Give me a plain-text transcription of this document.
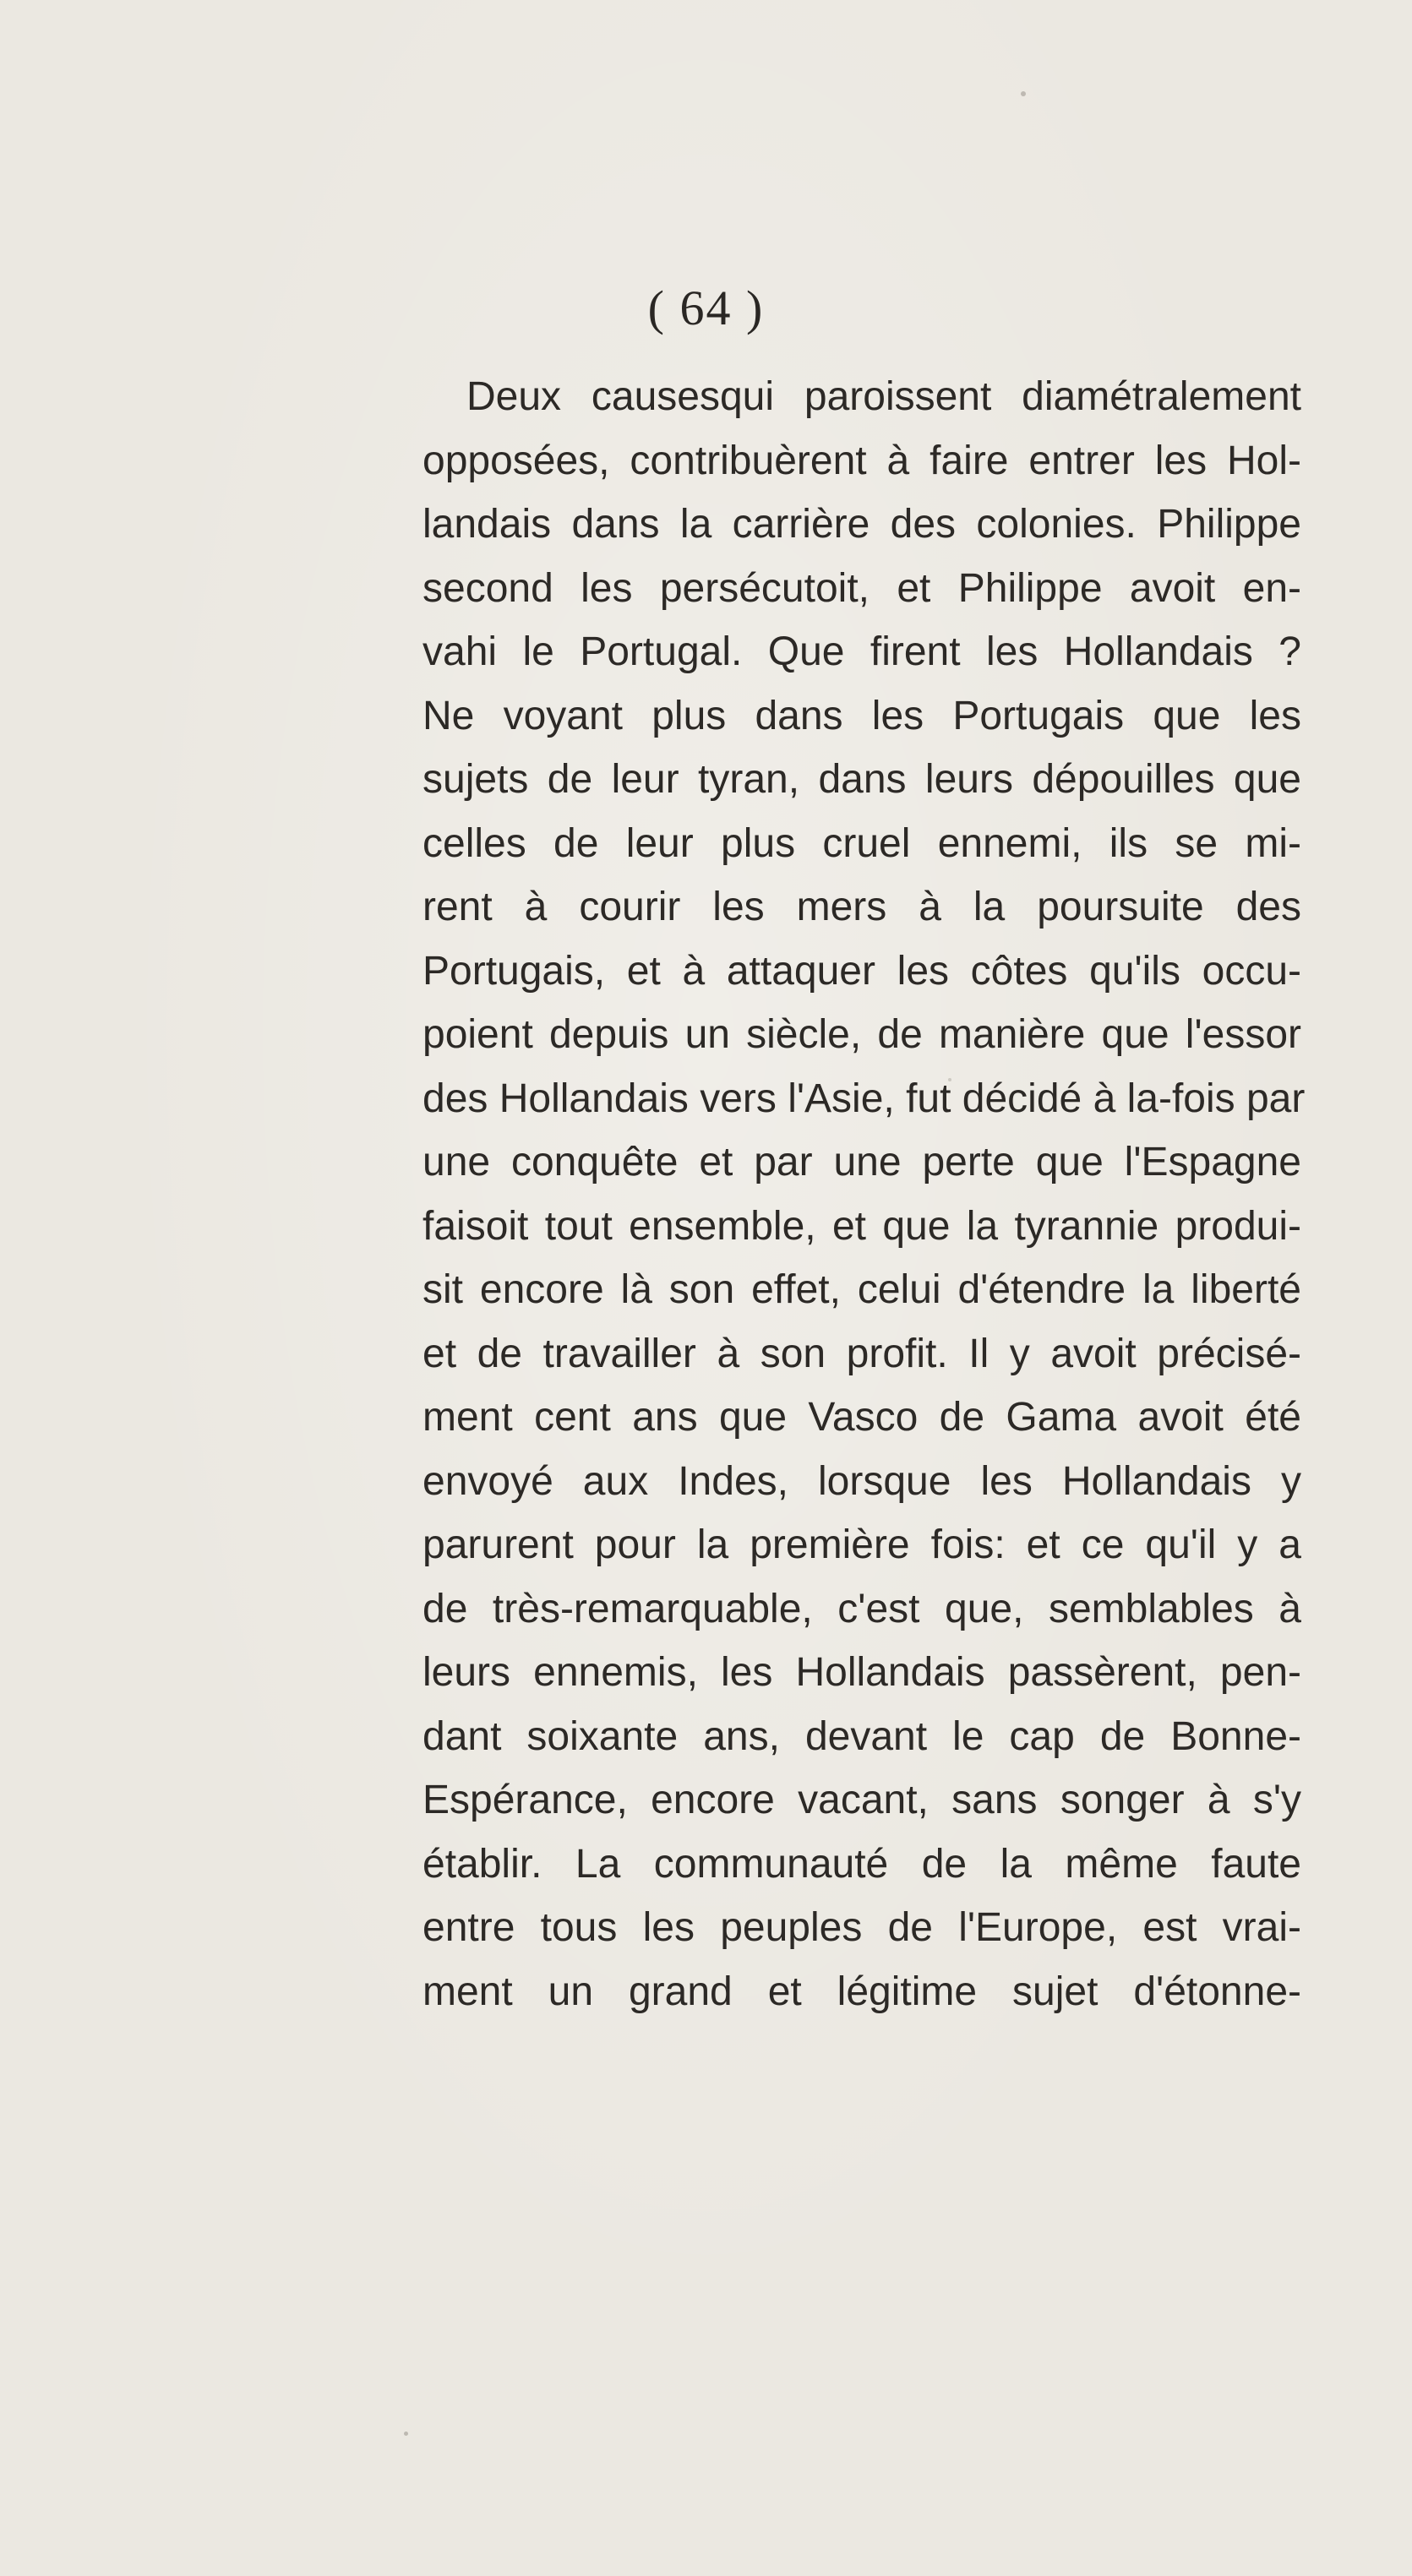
( 64 )
Deux causesqui paroissent diamétralement
opposées, contribuèrent à faire entrer les Hol-
landais dans la carrière des colonies. Philippe
second les persécutoit, et Philippe avoit en-
vahi le Portugal. Que firent les Hollandais ?
Ne voyant plus dans les Portugais que les
sujets de leur tyran, dans leurs dépouilles que
celles de leur plus cruel ennemi, ils se mi-
rent à courir les mers à la poursuite des
Portugais, et à attaquer les côtes qu'ils occu-
poient depuis un siècle, de manière que l'essor
des Hollandais vers l'Asie, fut décidé à la-fois par
une conquête et par une perte que l'Espagne
faisoit tout ensemble, et que la tyrannie produi-
sit encore là son effet, celui d'étendre la liberté
et de travailler à son profit. Il y avoit précisé-
ment cent ans que Vasco de Gama avoit été
envoyé aux Indes, lorsque les Hollandais y
parurent pour la première fois: et ce qu'il y a
de très-remarquable, c'est que, semblables à
leurs ennemis, les Hollandais passèrent, pen-
dant soixante ans, devant le cap de Bonne-
Espérance, encore vacant, sans songer à s'y
établir. La communauté de la même faute
entre tous les peuples de l'Europe, est vrai-
ment un grand et légitime sujet d'étonne-
